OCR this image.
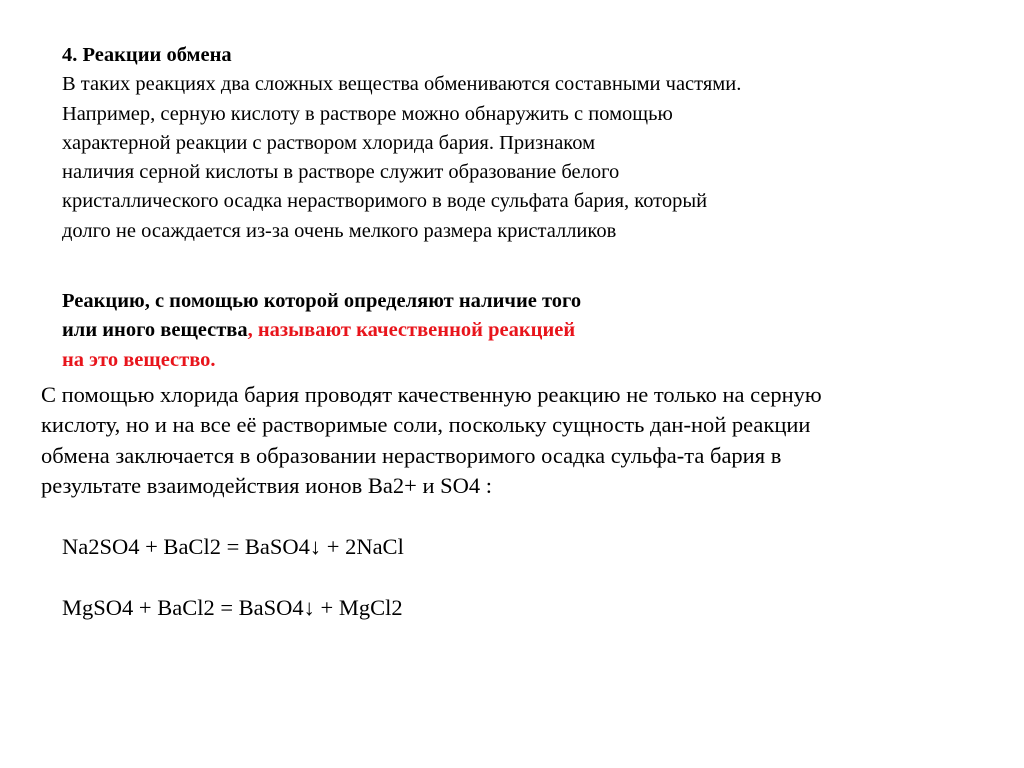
4. Реакции обмена
В таких реакциях два сложных вещества обмениваются составными частями.
Например, серную кислоту в растворе можно обнаружить с помощью
характерной реакции с раствором хлорида бария. Признаком
наличия серной кислоты в растворе служит образование белого
кристаллического осадка нерастворимого в воде сульфата бария, который
долго не осаждается из-за очень мелкого размера кристалликов
Реакцию, с помощью которой определяют наличие того
или иного вещества, называют качественной реакцией
на это вещество.
С помощью хлорида бария проводят качественную реакцию не только на серную
кислоту, но и на все её растворимые соли, поскольку сущность дан-ной реакции
обмена заключается в образовании нерастворимого осадка сульфа-та бария в
результате взаимодействия ионов Ba2+ и SO4 :
Na2SO4 + BaCl2 = BaSO4↓ + 2NaCl
MgSO4 + BaCl2 = BaSO4↓ + MgCl2
